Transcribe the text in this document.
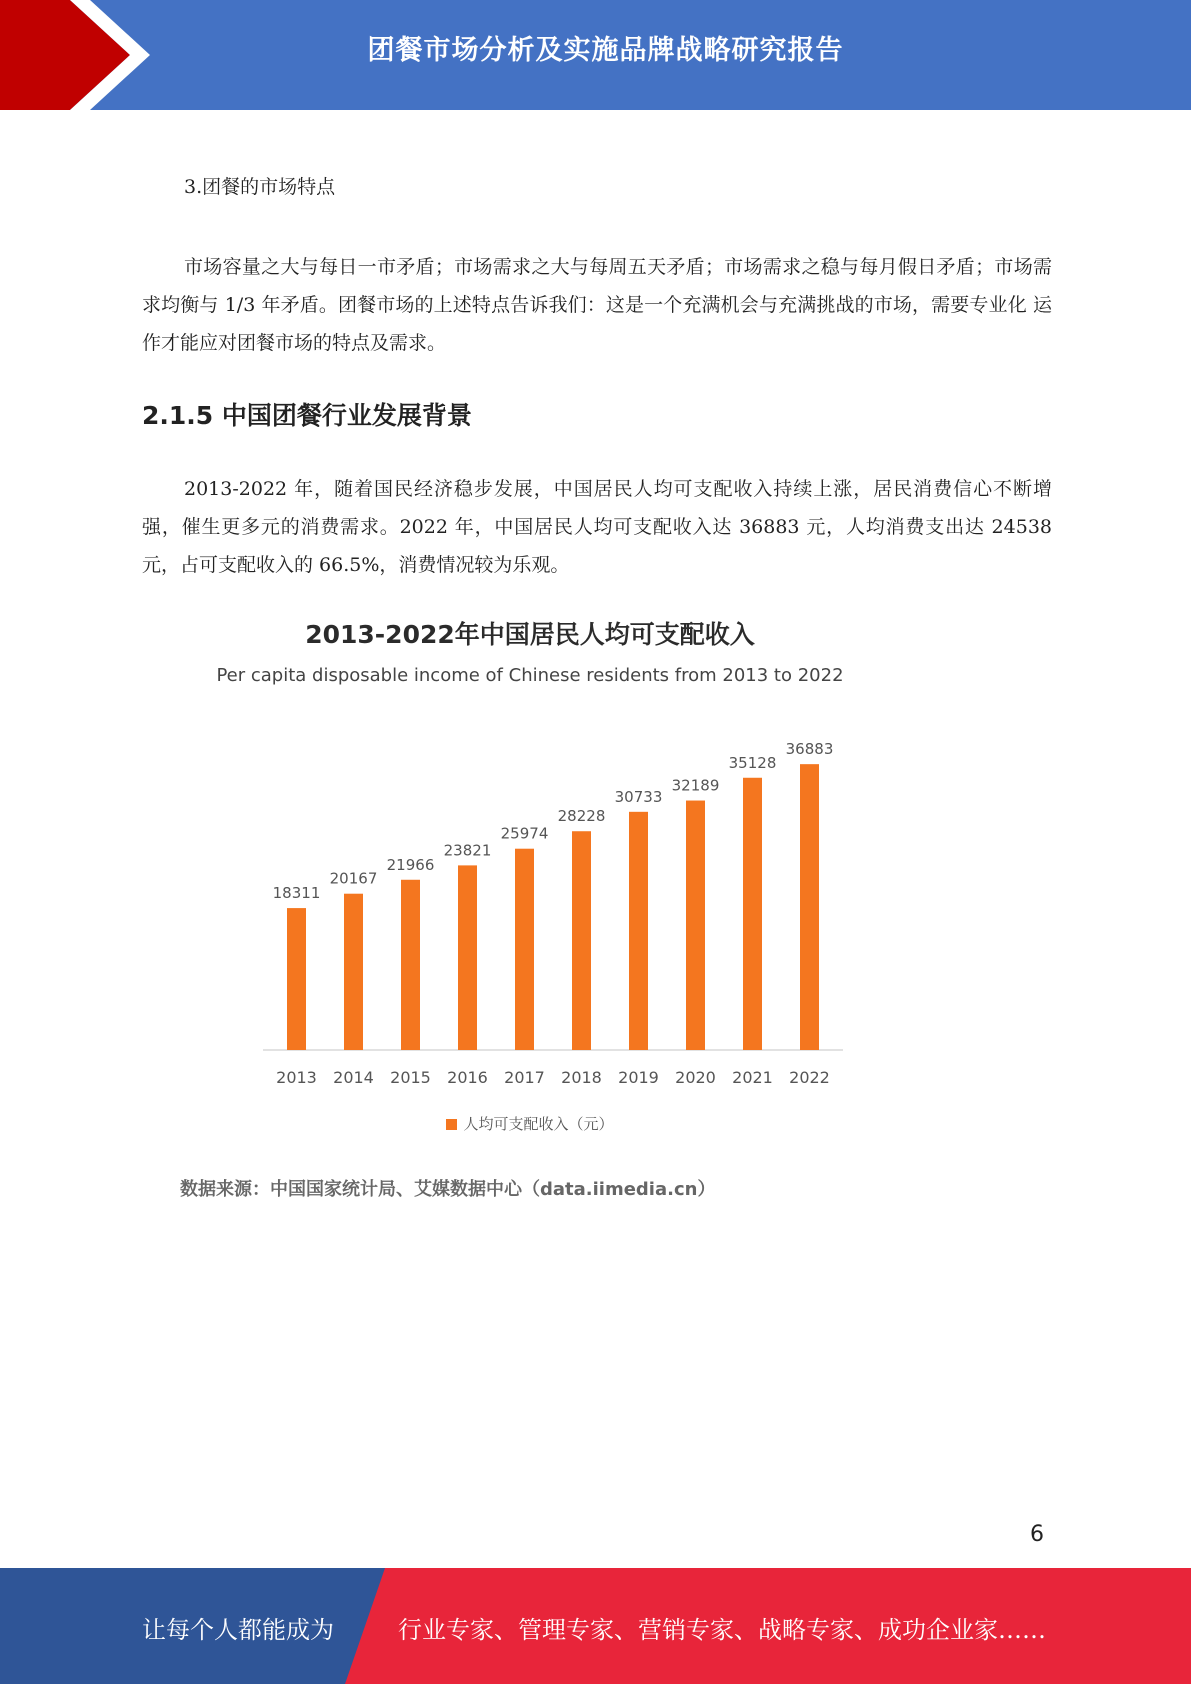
团餐市场分析及实施品牌战略研究报告
3.团餐的市场特点

市场容量之大与每日一市矛盾；市场需求之大与每周五天矛盾；市场需求之稳与每月假日矛盾；市场需求均衡与 1/3 年矛盾。团餐市场的上述特点告诉我们：这是一个充满机会与充满挑战的市场，需要专业化 运作才能应对团餐市场的特点及需求。

2.1.5 中国团餐行业发展背景

2013-2022 年，随着国民经济稳步发展，中国居民人均可支配收入持续上涨，居民消费信心不断增强，催生更多元的消费需求。2022 年，中国居民人均可支配收入达 36883 元，人均消费支出达 24538 元，占可支配收入的 66.5%，消费情况较为乐观。

2013-2022年中国居民人均可支配收入
Per capita disposable income of Chinese residents from 2013 to 2022
18311
2013
20167
2014
21966
2015
23821
2016
25974
2017
28228
2018
30733
2019
32189
2020
35128
2021
36883
2022
人均可支配收入（元）
数据来源：中国国家统计局、艾媒数据中心（data.iimedia.cn）
6
让每个人都能成为	行业专家、管理专家、营销专家、战略专家、成功企业家……
